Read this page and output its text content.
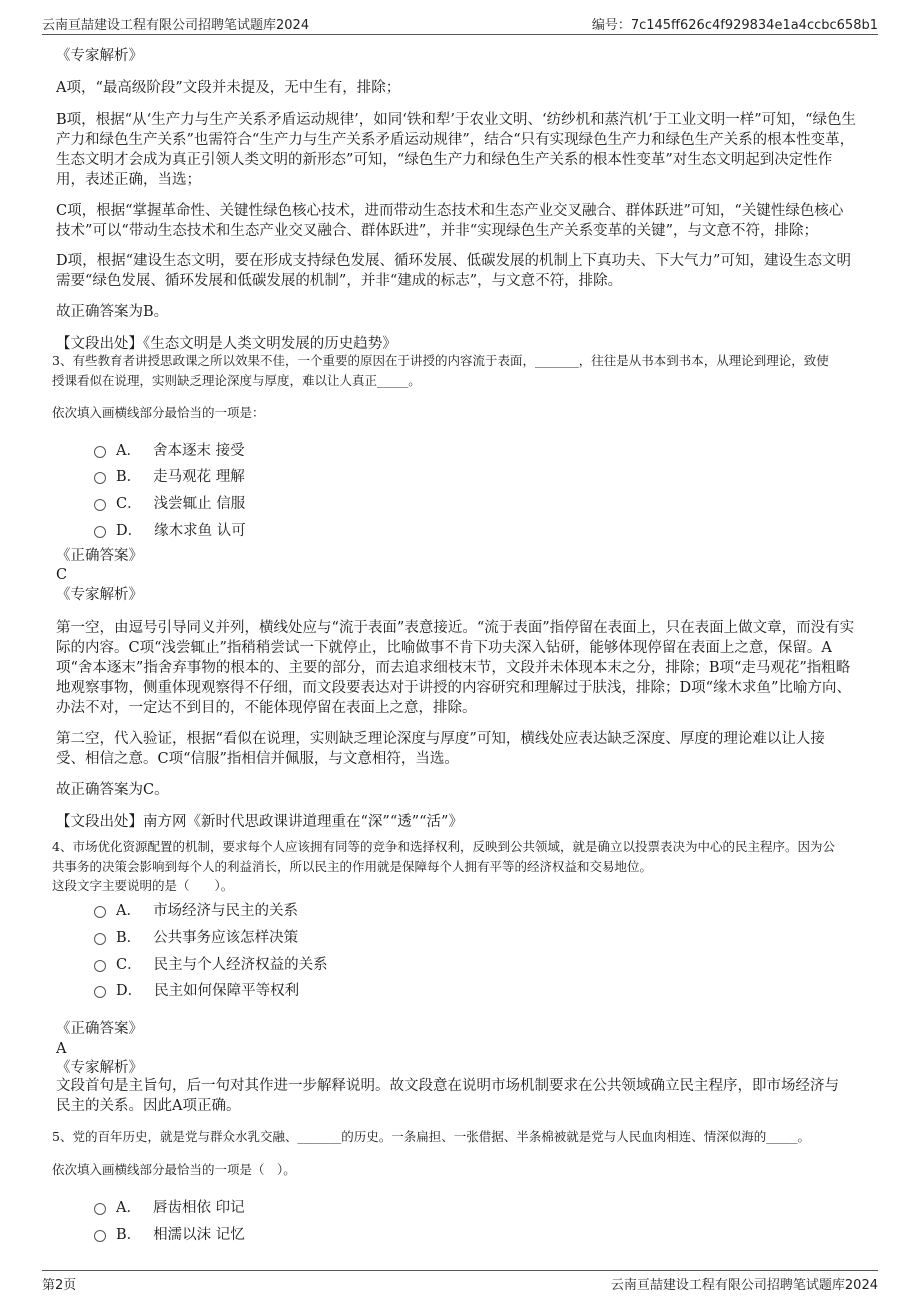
云南亘喆建设工程有限公司招聘笔试题库2024	编号：7c145ff626c4f929834e1a4ccbc658b1
《专家解析》
A项，“最高级阶段”文段并未提及，无中生有，排除；
B项，根据“从‘生产力与生产关系矛盾运动规律’，如同‘铁和犁’于农业文明、‘纺纱机和蒸汽机’于工业文明一样”可知，“绿色生
产力和绿色生产关系”也需符合“生产力与生产关系矛盾运动规律”，结合“只有实现绿色生产力和绿色生产关系的根本性变革，
生态文明才会成为真正引领人类文明的新形态”可知，“绿色生产力和绿色生产关系的根本性变革”对生态文明起到决定性作
用，表述正确，当选；
C项，根据“掌握革命性、关键性绿色核心技术，进而带动生态技术和生态产业交叉融合、群体跃进”可知，“关键性绿色核心
技术”可以“带动生态技术和生态产业交叉融合、群体跃进”，并非“实现绿色生产关系变革的关键”，与文意不符，排除；
D项，根据“建设生态文明，要在形成支持绿色发展、循环发展、低碳发展的机制上下真功夫、下大气力”可知，建设生态文明
需要“绿色发展、循环发展和低碳发展的机制”，并非“建成的标志”，与文意不符，排除。
故正确答案为B。
【文段出处】《生态文明是人类文明发展的历史趋势》
3、有些教育者讲授思政课之所以效果不佳，一个重要的原因在于讲授的内容流于表面，_______，往往是从书本到书本，从理论到理论，致使
授课看似在说理，实则缺乏理论深度与厚度，难以让人真正_____。
依次填入画横线部分最恰当的一项是：
A． 舍本逐末 接受
B． 走马观花 理解
C． 浅尝辄止 信服
D． 缘木求鱼 认可
《正确答案》
C
《专家解析》
第一空，由逗号引导同义并列，横线处应与“流于表面”表意接近。“流于表面”指停留在表面上，只在表面上做文章，而没有实
际的内容。C项“浅尝辄止”指稍稍尝试一下就停止，比喻做事不肯下功夫深入钻研，能够体现停留在表面上之意，保留。A
项“舍本逐末”指舍弃事物的根本的、主要的部分，而去追求细枝末节，文段并未体现本末之分，排除；B项“走马观花”指粗略
地观察事物，侧重体现观察得不仔细，而文段要表达对于讲授的内容研究和理解过于肤浅，排除；D项“缘木求鱼”比喻方向、
办法不对，一定达不到目的，不能体现停留在表面上之意，排除。
第二空，代入验证，根据“看似在说理，实则缺乏理论深度与厚度”可知，横线处应表达缺乏深度、厚度的理论难以让人接
受、相信之意。C项“信服”指相信并佩服，与文意相符，当选。
故正确答案为C。
【文段出处】南方网《新时代思政课讲道理重在“深”“透”“活”》
4、市场优化资源配置的机制，要求每个人应该拥有同等的竞争和选择权利，反映到公共领域，就是确立以投票表决为中心的民主程序。因为公
共事务的决策会影响到每个人的利益消长，所以民主的作用就是保障每个人拥有平等的经济权益和交易地位。
这段文字主要说明的是（　　）。
A． 市场经济与民主的关系
B． 公共事务应该怎样决策
C． 民主与个人经济权益的关系
D． 民主如何保障平等权利
《正确答案》
A
《专家解析》
文段首句是主旨句，后一句对其作进一步解释说明。故文段意在说明市场机制要求在公共领域确立民主程序，即市场经济与
民主的关系。因此A项正确。
5、党的百年历史，就是党与群众水乳交融、_______的历史。一条扁担、一张借据、半条棉被就是党与人民血肉相连、情深似海的_____。
依次填入画横线部分最恰当的一项是（　）。
A． 唇齿相依 印记
B． 相濡以沫 记忆
第2页	云南亘喆建设工程有限公司招聘笔试题库2024
